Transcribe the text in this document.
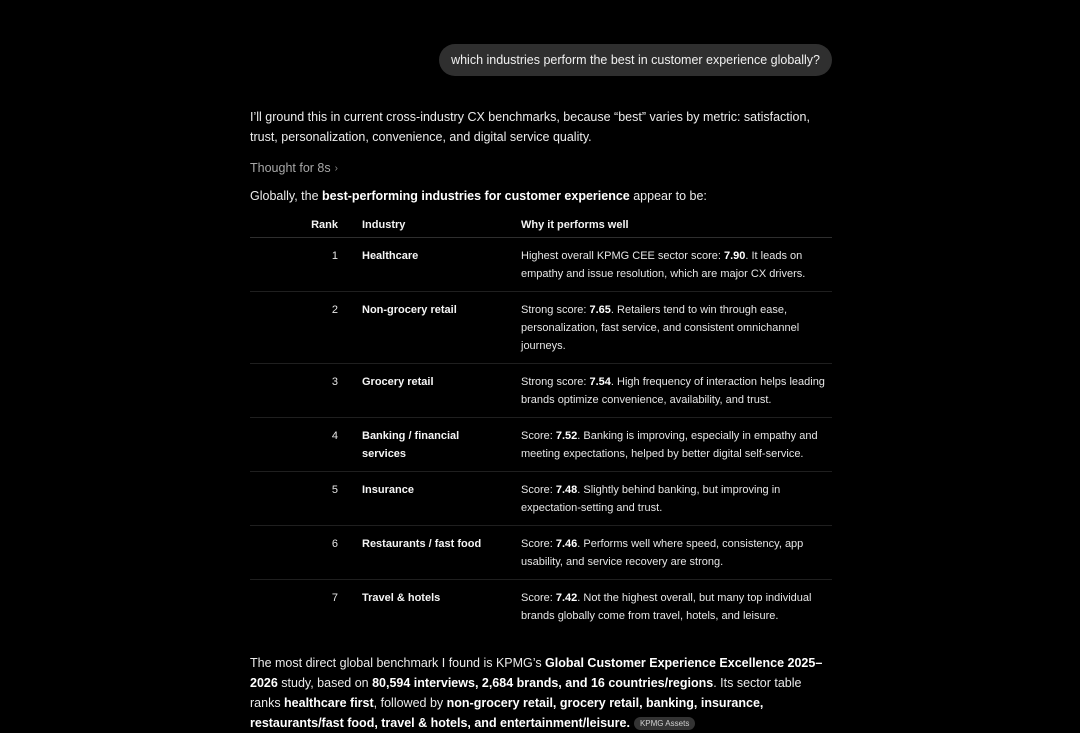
which industries perform the best in customer experience globally?

I’ll ground this in current cross-industry CX benchmarks, because “best” varies by metric: satisfaction, trust, personalization, convenience, and digital service quality.

Thought for 8s ›
Globally, the best-performing industries for customer experience appear to be:
Rank	Industry	Why it performs well
1	Healthcare	Highest overall KPMG CEE sector score: 7.90. It leads on empathy and issue resolution, which are major CX drivers.
2	Non-grocery retail	Strong score: 7.65. Retailers tend to win through ease, personalization, fast service, and consistent omnichannel journeys.
3	Grocery retail	Strong score: 7.54. High frequency of interaction helps leading brands optimize convenience, availability, and trust.
4	Banking / financial services	Score: 7.52. Banking is improving, especially in empathy and meeting expectations, helped by better digital self-service.
5	Insurance	Score: 7.48. Slightly behind banking, but improving in expectation-setting and trust.
6	Restaurants / fast food	Score: 7.46. Performs well where speed, consistency, app usability, and service recovery are strong.
7	Travel & hotels	Score: 7.42. Not the highest overall, but many top individual brands globally come from travel, hotels, and leisure.
The most direct global benchmark I found is KPMG’s Global Customer Experience Excellence 2025–2026 study, based on 80,594 interviews, 2,684 brands, and 16 countries/regions. Its sector table ranks healthcare first, followed by non-grocery retail, grocery retail, banking, insurance, restaurants/fast food, travel & hotels, and entertainment/leisure. KPMG Assets
